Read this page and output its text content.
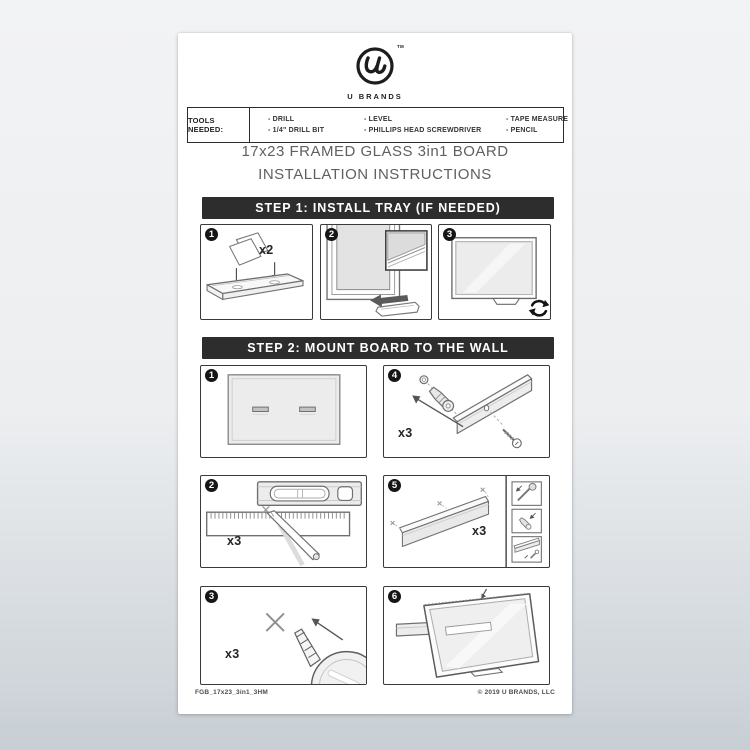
TM
U BRANDS
TOOLS NEEDED:
- DRILL
- 1/4" DRILL BIT
- LEVEL
- PHILLIPS HEAD SCREWDRIVER
- TAPE MEASURE
- PENCIL
17x23 FRAMED GLASS 3in1 BOARD
INSTALLATION INSTRUCTIONS
STEP 1: INSTALL TRAY (IF NEEDED)
1
x2
2	3
STEP 2: MOUNT BOARD TO THE WALL
1	4
x3
2
x3
5
x3
3
x3
6
FGB_17x23_3in1_3HM	© 2019 U BRANDS, LLC
